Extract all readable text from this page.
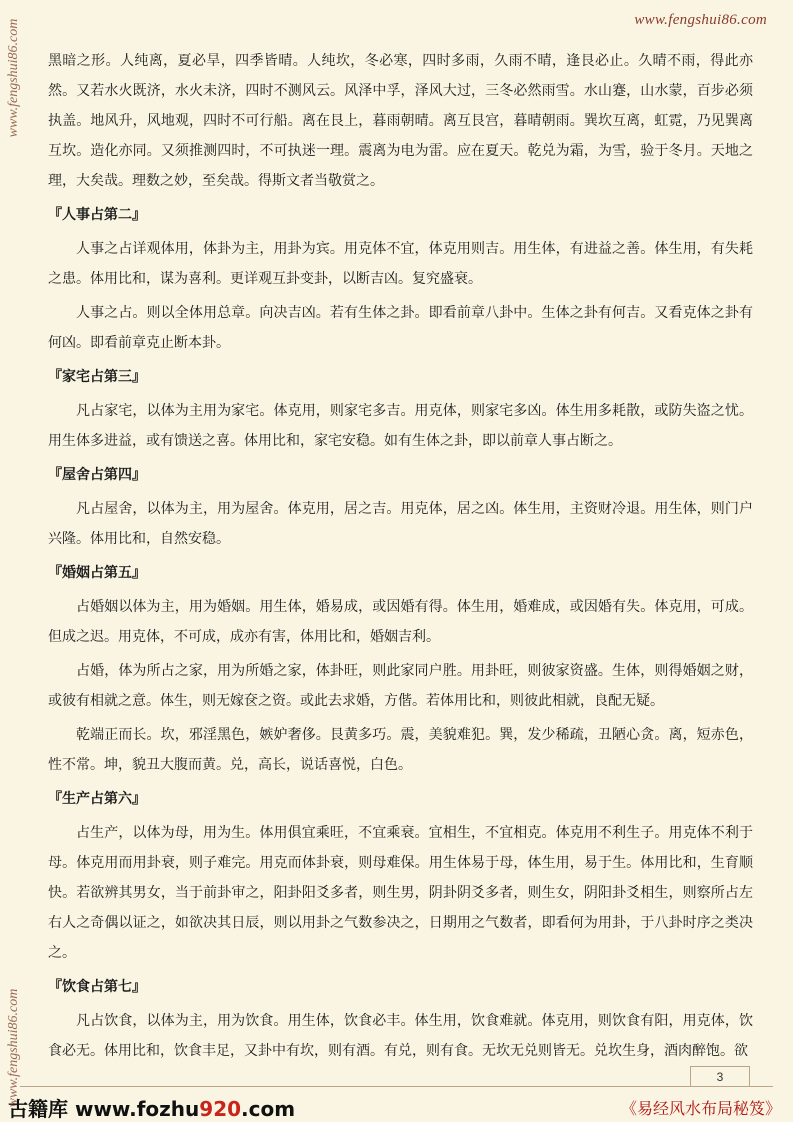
www.fengshui86.com
www.fengshui86.com
www.fengshui86.com

黑暗之形。人纯离，夏必旱，四季皆晴。人纯坎，冬必寒，四时多雨，久雨不晴，逢艮必止。久晴不雨，得此亦然。又若水火既济，水火未济，四时不测风云。风泽中孚，泽风大过，三冬必然雨雪。水山蹇，山水蒙，百步必须执盖。地风升，风地观，四时不可行船。离在艮上，暮雨朝晴。离互艮宫，暮晴朝雨。巽坎互离，虹霓，乃见巽离互坎。造化亦同。又须推测四时，不可执迷一理。震离为电为雷。应在夏天。乾兑为霜，为雪，验于冬月。天地之理，大矣哉。理数之妙，至矣哉。得斯文者当敬赏之。

『人事占第二』

人事之占详观体用，体卦为主，用卦为宾。用克体不宜，体克用则吉。用生体，有进益之善。体生用，有失耗之患。体用比和，谋为喜利。更详观互卦变卦，以断吉凶。复究盛衰。

人事之占。则以全体用总章。向决吉凶。若有生体之卦。即看前章八卦中。生体之卦有何吉。又看克体之卦有何凶。即看前章克止断本卦。

『家宅占第三』

凡占家宅，以体为主用为家宅。体克用，则家宅多吉。用克体，则家宅多凶。体生用多耗散，或防失盗之忧。用生体多进益，或有馈送之喜。体用比和，家宅安稳。如有生体之卦，即以前章人事占断之。

『屋舍占第四』

凡占屋舍，以体为主，用为屋舍。体克用，居之吉。用克体，居之凶。体生用，主资财冷退。用生体，则门户兴隆。体用比和，自然安稳。

『婚姻占第五』

占婚姻以体为主，用为婚姻。用生体，婚易成，或因婚有得。体生用，婚难成，或因婚有失。体克用，可成。但成之迟。用克体，不可成，成亦有害，体用比和，婚姻吉利。

占婚，体为所占之家，用为所婚之家，体卦旺，则此家同户胜。用卦旺，则彼家资盛。生体，则得婚姻之财，或彼有相就之意。体生，则无嫁奁之资。或此去求婚，方偕。若体用比和，则彼此相就，良配无疑。

乾端正而长。坎，邪淫黑色，嫉妒奢侈。艮黄多巧。震，美貌难犯。巽，发少稀疏，丑陋心贪。离，短赤色，性不常。坤，貌丑大腹而黄。兑，高长，说话喜悦，白色。

『生产占第六』

占生产，以体为母，用为生。体用俱宜乘旺，不宜乘衰。宜相生，不宜相克。体克用不利生子。用克体不利于母。体克用而用卦衰，则子难完。用克而体卦衰，则母难保。用生体易于母，体生用，易于生。体用比和，生育顺快。若欲辨其男女，当于前卦审之，阳卦阳爻多者，则生男，阴卦阴爻多者，则生女，阴阳卦爻相生，则察所占左右人之奇偶以证之，如欲决其日辰，则以用卦之气数参决之，日期用之气数者，即看何为用卦，于八卦时序之类决之。

『饮食占第七』

凡占饮食，以体为主，用为饮食。用生体，饮食必丰。体生用，饮食难就。体克用，则饮食有阳，用克体，饮食必无。体用比和，饮食丰足，又卦中有坎，则有酒。有兑，则有食。无坎无兑则皆无。兑坎生身，酒肉醉饱。欲

3
古籍库 www.fozhu920.com	《易经风水布局秘笈》
